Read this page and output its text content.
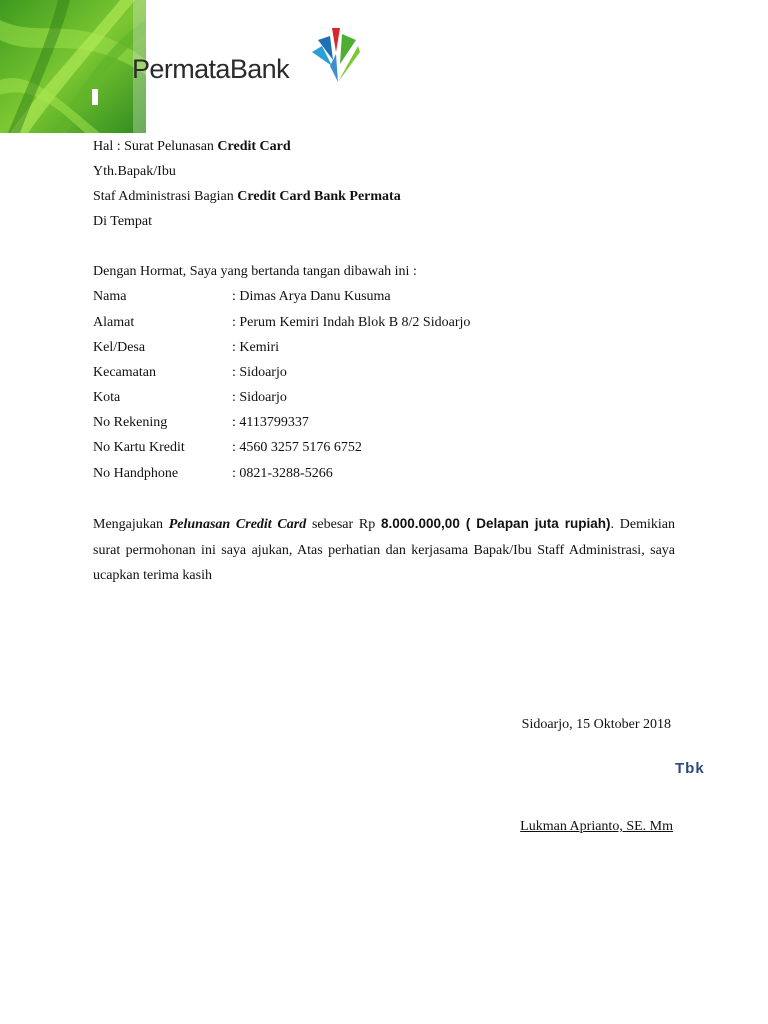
PermataBank
Hal : Surat Pelunasan Credit Card
Yth.Bapak/Ibu
Staf Administrasi Bagian Credit Card Bank Permata
Di Tempat
Dengan Hormat, Saya yang bertanda tangan dibawah ini :
Nama	: Dimas Arya Danu Kusuma
Alamat	: Perum Kemiri Indah Blok B 8/2 Sidoarjo
Kel/Desa	: Kemiri
Kecamatan	: Sidoarjo
Kota	: Sidoarjo
No Rekening	: 4113799337
No Kartu Kredit	: 4560 3257 5176 6752
No Handphone	: 0821-3288-5266
Mengajukan Pelunasan Credit Card sebesar Rp 8.000.000,00 ( Delapan juta rupiah). Demikian surat permohonan ini saya ajukan, Atas perhatian dan kerjasama Bapak/Ibu Staff Administrasi, saya ucapkan terima kasih
Sidoarjo, 15 Oktober 2018
Tbk
Lukman Aprianto, SE. Mm
